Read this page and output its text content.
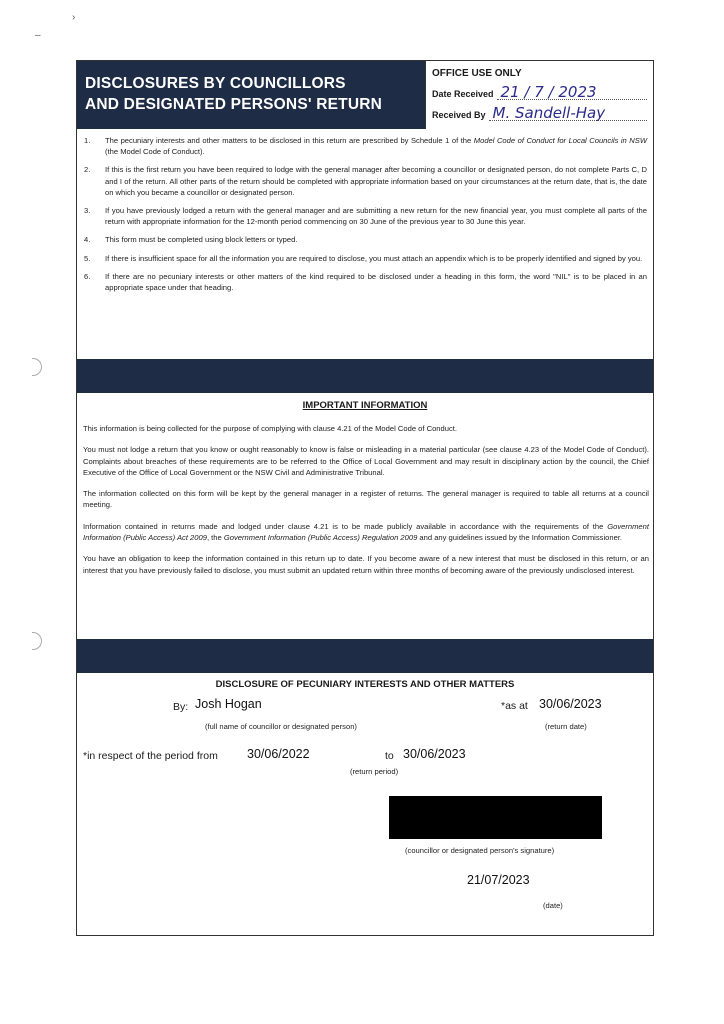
›
–
DISCLOSURES BY COUNCILLORS
AND DESIGNATED PERSONS' RETURN
OFFICE USE ONLY
Date Received 21 / 7 / 2023
Received By M. Sandell-Hay
1. The pecuniary interests and other matters to be disclosed in this return are prescribed by Schedule 1 of the Model Code of Conduct for Local Councils in NSW (the Model Code of Conduct).
2. If this is the first return you have been required to lodge with the general manager after becoming a councillor or designated person, do not complete Parts C, D and I of the return. All other parts of the return should be completed with appropriate information based on your circumstances at the return date, that is, the date on which you became a councillor or designated person.
3. If you have previously lodged a return with the general manager and are submitting a new return for the new financial year, you must complete all parts of the return with appropriate information for the 12-month period commencing on 30 June of the previous year to 30 June this year.
4. This form must be completed using block letters or typed.
5. If there is insufficient space for all the information you are required to disclose, you must attach an appendix which is to be properly identified and signed by you.
6. If there are no pecuniary interests or other matters of the kind required to be disclosed under a heading in this form, the word "NIL" is to be placed in an appropriate space under that heading.
IMPORTANT INFORMATION

This information is being collected for the purpose of complying with clause 4.21 of the Model Code of Conduct.

You must not lodge a return that you know or ought reasonably to know is false or misleading in a material particular (see clause 4.23 of the Model Code of Conduct). Complaints about breaches of these requirements are to be referred to the Office of Local Government and may result in disciplinary action by the council, the Chief Executive of the Office of Local Government or the NSW Civil and Administrative Tribunal.

The information collected on this form will be kept by the general manager in a register of returns. The general manager is required to table all returns at a council meeting.

Information contained in returns made and lodged under clause 4.21 is to be made publicly available in accordance with the requirements of the Government Information (Public Access) Act 2009, the Government Information (Public Access) Regulation 2009 and any guidelines issued by the Information Commissioner.

You have an obligation to keep the information contained in this return up to date. If you become aware of a new interest that must be disclosed in this return, or an interest that you have previously failed to disclose, you must submit an updated return within three months of becoming aware of the previously undisclosed interest.

DISCLOSURE OF PECUNIARY INTERESTS AND OTHER MATTERS
By: Josh Hogan
(full name of councillor or designated person)
*as at 30/06/2023
(return date)
*in respect of the period from 30/06/2022	to 30/06/2023
(return period)
(councillor or designated person's signature)
21/07/2023
(date)
